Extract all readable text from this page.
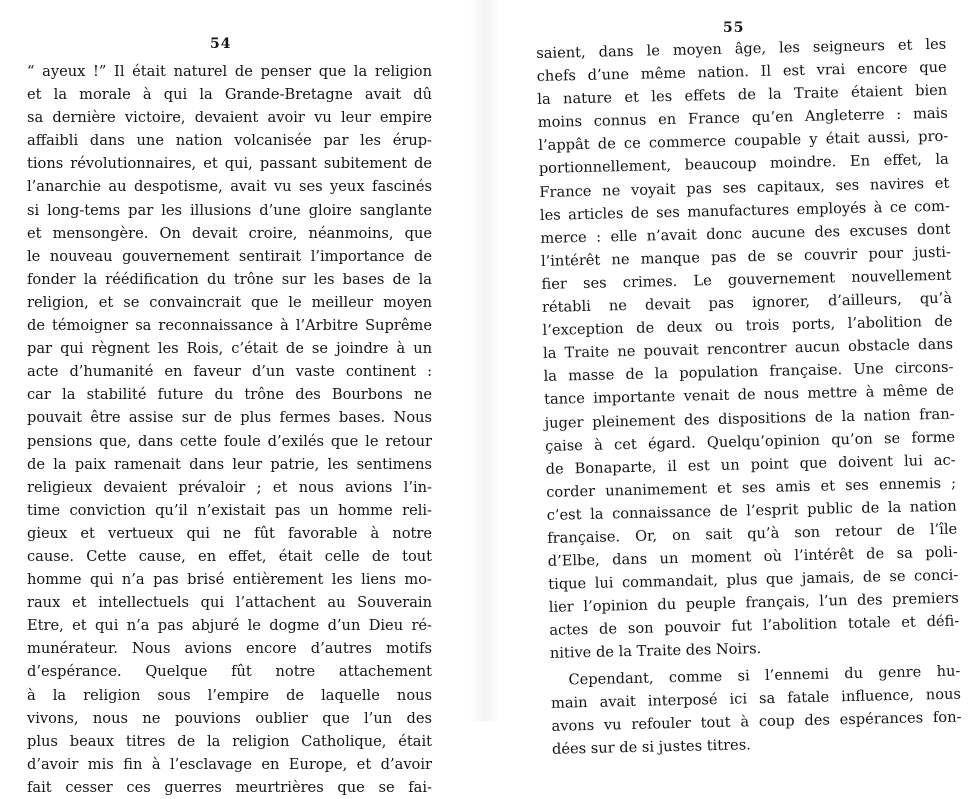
54
“ ayeux !” Il était naturel de penser que la religion
et la morale à qui la Grande-Bretagne avait dû
sa dernière victoire, devaient avoir vu leur empire
affaibli dans une nation volcanisée par les érup-
tions révolutionnaires, et qui, passant subitement de
l’anarchie au despotisme, avait vu ses yeux fascinés
si long-tems par les illusions d’une gloire sanglante
et mensongère. On devait croire, néanmoins, que
le nouveau gouvernement sentirait l’importance de
fonder la réédification du trône sur les bases de la
religion, et se convaincrait que le meilleur moyen
de témoigner sa reconnaissance à l’Arbitre Suprême
par qui règnent les Rois, c’était de se joindre à un
acte d’humanité en faveur d’un vaste continent :
car la stabilité future du trône des Bourbons ne
pouvait être assise sur de plus fermes bases. Nous
pensions que, dans cette foule d’exilés que le retour
de la paix ramenait dans leur patrie, les sentimens
religieux devaient prévaloir ; et nous avions l’in-
time conviction qu’il n’existait pas un homme reli-
gieux et vertueux qui ne fût favorable à notre
cause. Cette cause, en effet, était celle de tout
homme qui n’a pas brisé entièrement les liens mo-
raux et intellectuels qui l’attachent au Souverain
Etre, et qui n’a pas abjuré le dogme d’un Dieu ré-
munérateur. Nous avions encore d’autres motifs
d’espérance. Quelque fût notre attachement
à la religion sous l’empire de laquelle nous
vivons, nous ne pouvions oublier que l’un des
plus beaux titres de la religion Catholique, était
d’avoir mis fin à l’esclavage en Europe, et d’avoir
fait cesser ces guerres meurtrières que se fai-
55
saient, dans le moyen âge, les seigneurs et les
chefs d’une même nation. Il est vrai encore que
la nature et les effets de la Traite étaient bien
moins connus en France qu’en Angleterre : mais
l’appât de ce commerce coupable y était aussi, pro-
portionnellement, beaucoup moindre. En effet, la
France ne voyait pas ses capitaux, ses navires et
les articles de ses manufactures employés à ce com-
merce : elle n’avait donc aucune des excuses dont
l’intérêt ne manque pas de se couvrir pour justi-
fier ses crimes. Le gouvernement nouvellement
rétabli ne devait pas ignorer, d’ailleurs, qu’à
l’exception de deux ou trois ports, l’abolition de
la Traite ne pouvait rencontrer aucun obstacle dans
la masse de la population française. Une circons-
tance importante venait de nous mettre à même de
juger pleinement des dispositions de la nation fran-
çaise à cet égard. Quelqu’opinion qu’on se forme
de Bonaparte, il est un point que doivent lui ac-
corder unanimement et ses amis et ses ennemis ;
c’est la connaissance de l’esprit public de la nation
française. Or, on sait qu’à son retour de l’île
d’Elbe, dans un moment où l’intérêt de sa poli-
tique lui commandait, plus que jamais, de se conci-
lier l’opinion du peuple français, l’un des premiers
actes de son pouvoir fut l’abolition totale et défi-
nitive de la Traite des Noirs.
Cependant, comme si l’ennemi du genre hu-
main avait interposé ici sa fatale influence, nous
avons vu refouler tout à coup des espérances fon-
dées sur de si justes titres.
